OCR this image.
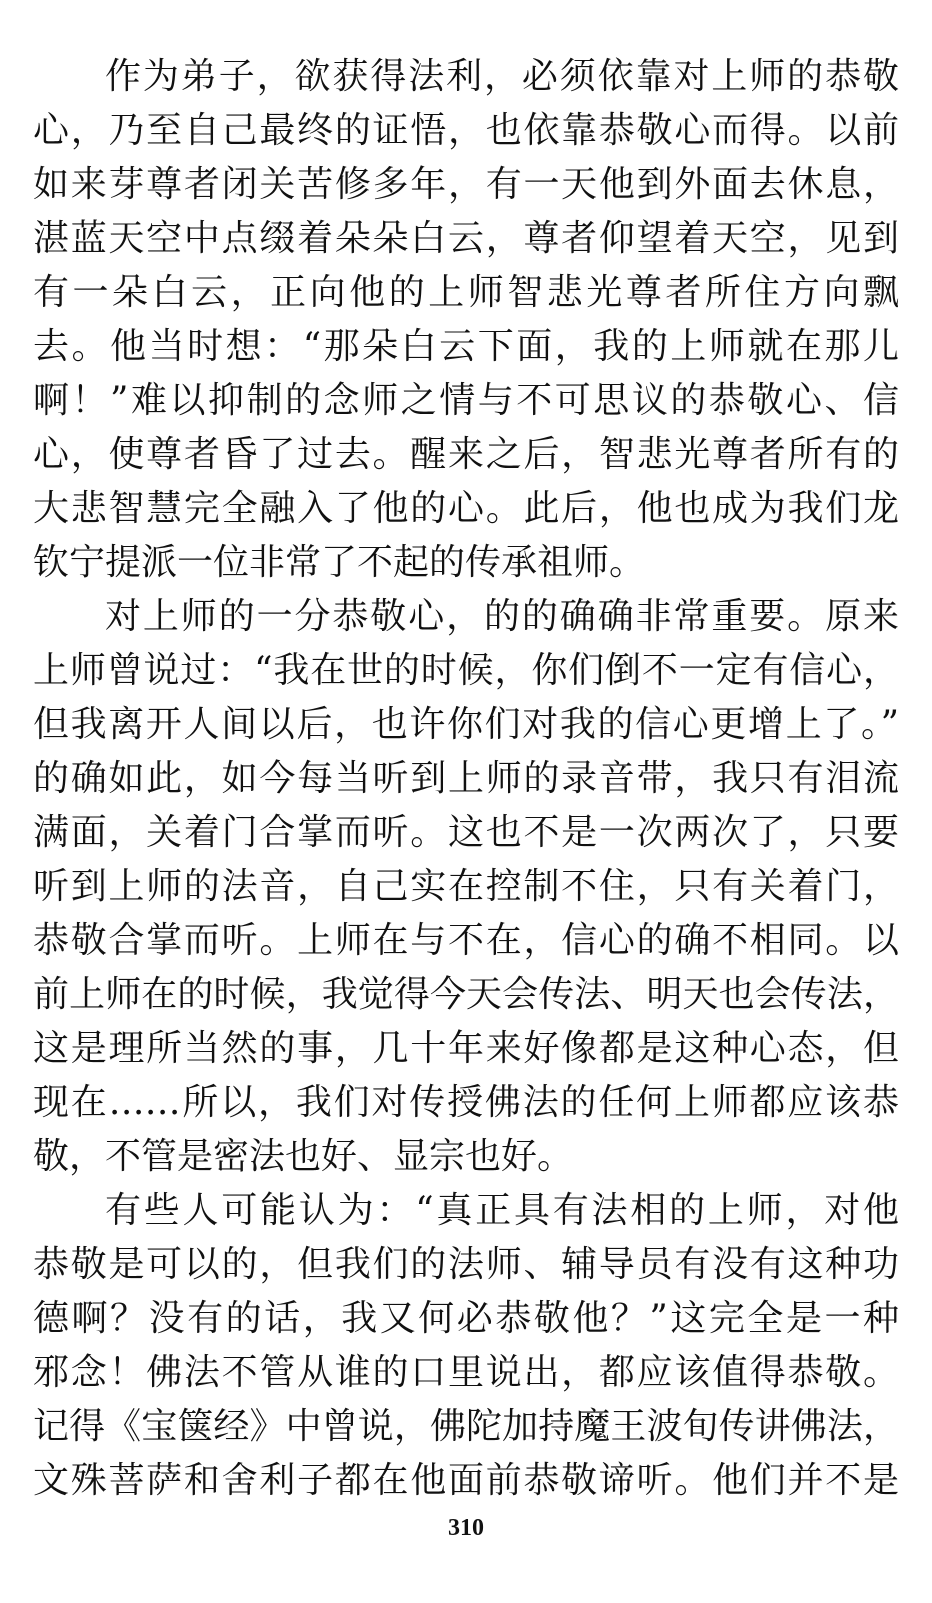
作为弟子，欲获得法利，必须依靠对上师的恭敬
心，乃至自己最终的证悟，也依靠恭敬心而得。以前
如来芽尊者闭关苦修多年，有一天他到外面去休息，
湛蓝天空中点缀着朵朵白云，尊者仰望着天空，见到
有一朵白云，正向他的上师智悲光尊者所住方向飘
去。他当时想：“那朵白云下面，我的上师就在那儿
啊！”难以抑制的念师之情与不可思议的恭敬心、信
心，使尊者昏了过去。醒来之后，智悲光尊者所有的
大悲智慧完全融入了他的心。此后，他也成为我们龙
钦宁提派一位非常了不起的传承祖师。
对上师的一分恭敬心，的的确确非常重要。原来
上师曾说过：“我在世的时候，你们倒不一定有信心，
但我离开人间以后，也许你们对我的信心更增上了。”
的确如此，如今每当听到上师的录音带，我只有泪流
满面，关着门合掌而听。这也不是一次两次了，只要
听到上师的法音，自己实在控制不住，只有关着门，
恭敬合掌而听。上师在与不在，信心的确不相同。以
前上师在的时候，我觉得今天会传法、明天也会传法，
这是理所当然的事，几十年来好像都是这种心态，但
现在……所以，我们对传授佛法的任何上师都应该恭
敬，不管是密法也好、显宗也好。
有些人可能认为：“真正具有法相的上师，对他
恭敬是可以的，但我们的法师、辅导员有没有这种功
德啊？没有的话，我又何必恭敬他？”这完全是一种
邪念！佛法不管从谁的口里说出，都应该值得恭敬。
记得《宝箧经》中曾说，佛陀加持魔王波旬传讲佛法，
文殊菩萨和舍利子都在他面前恭敬谛听。他们并不是
310
